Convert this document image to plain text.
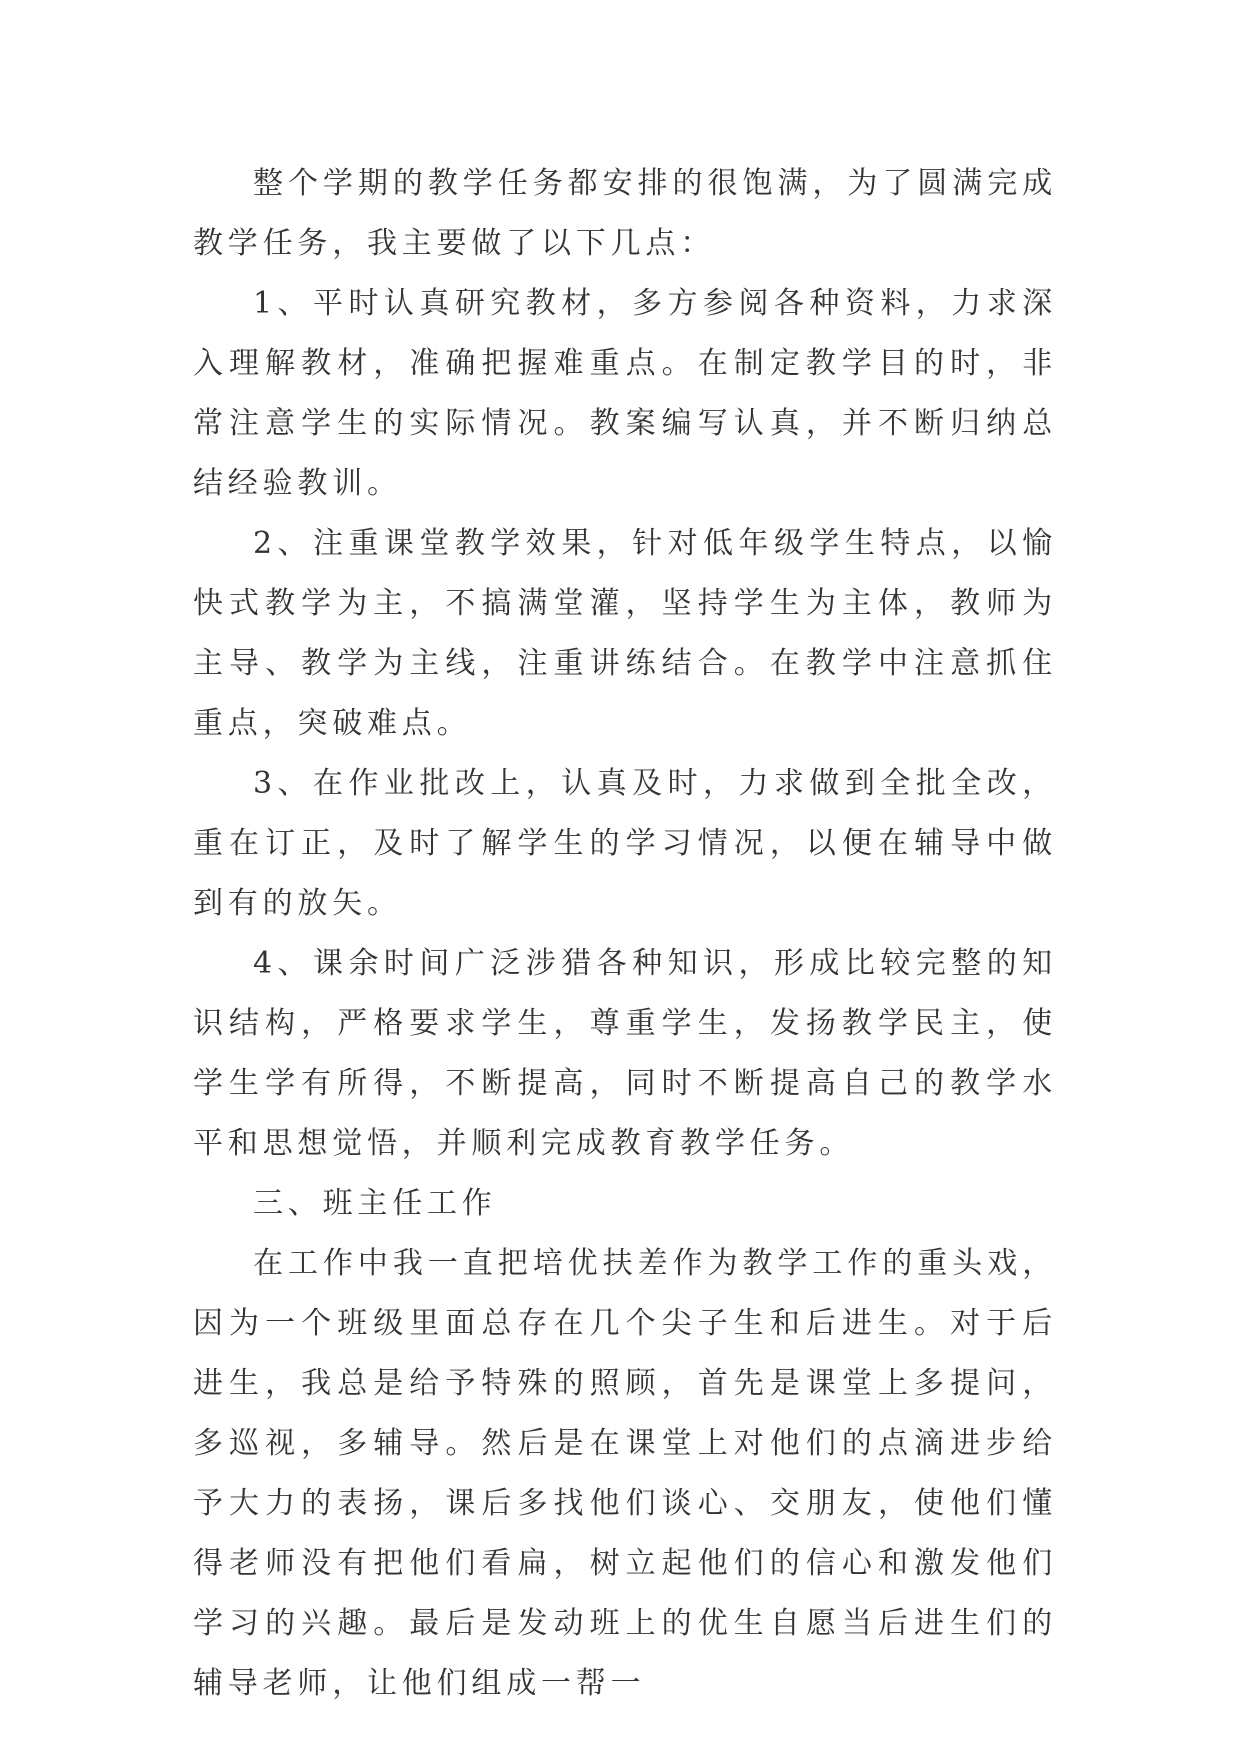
整个学期的教学任务都安排的很饱满，为了圆满完成教学任务，我主要做了以下几点：

1、平时认真研究教材，多方参阅各种资料，力求深入理解教材，准确把握难重点。在制定教学目的时，非常注意学生的实际情况。教案编写认真，并不断归纳总结经验教训。

2、注重课堂教学效果，针对低年级学生特点，以愉快式教学为主，不搞满堂灌，坚持学生为主体，教师为主导、教学为主线，注重讲练结合。在教学中注意抓住重点，突破难点。

3、在作业批改上，认真及时，力求做到全批全改，重在订正，及时了解学生的学习情况，以便在辅导中做到有的放矢。

4、课余时间广泛涉猎各种知识，形成比较完整的知识结构，严格要求学生，尊重学生，发扬教学民主，使学生学有所得，不断提高，同时不断提高自己的教学水平和思想觉悟，并顺利完成教育教学任务。

三、班主任工作

在工作中我一直把培优扶差作为教学工作的重头戏，因为一个班级里面总存在几个尖子生和后进生。对于后进生，我总是给予特殊的照顾，首先是课堂上多提问，多巡视，多辅导。然后是在课堂上对他们的点滴进步给予大力的表扬，课后多找他们谈心、交朋友，使他们懂得老师没有把他们看扁，树立起他们的信心和激发他们学习的兴趣。最后是发动班上的优生自愿当后进生们的辅导老师，让他们组成一帮一
